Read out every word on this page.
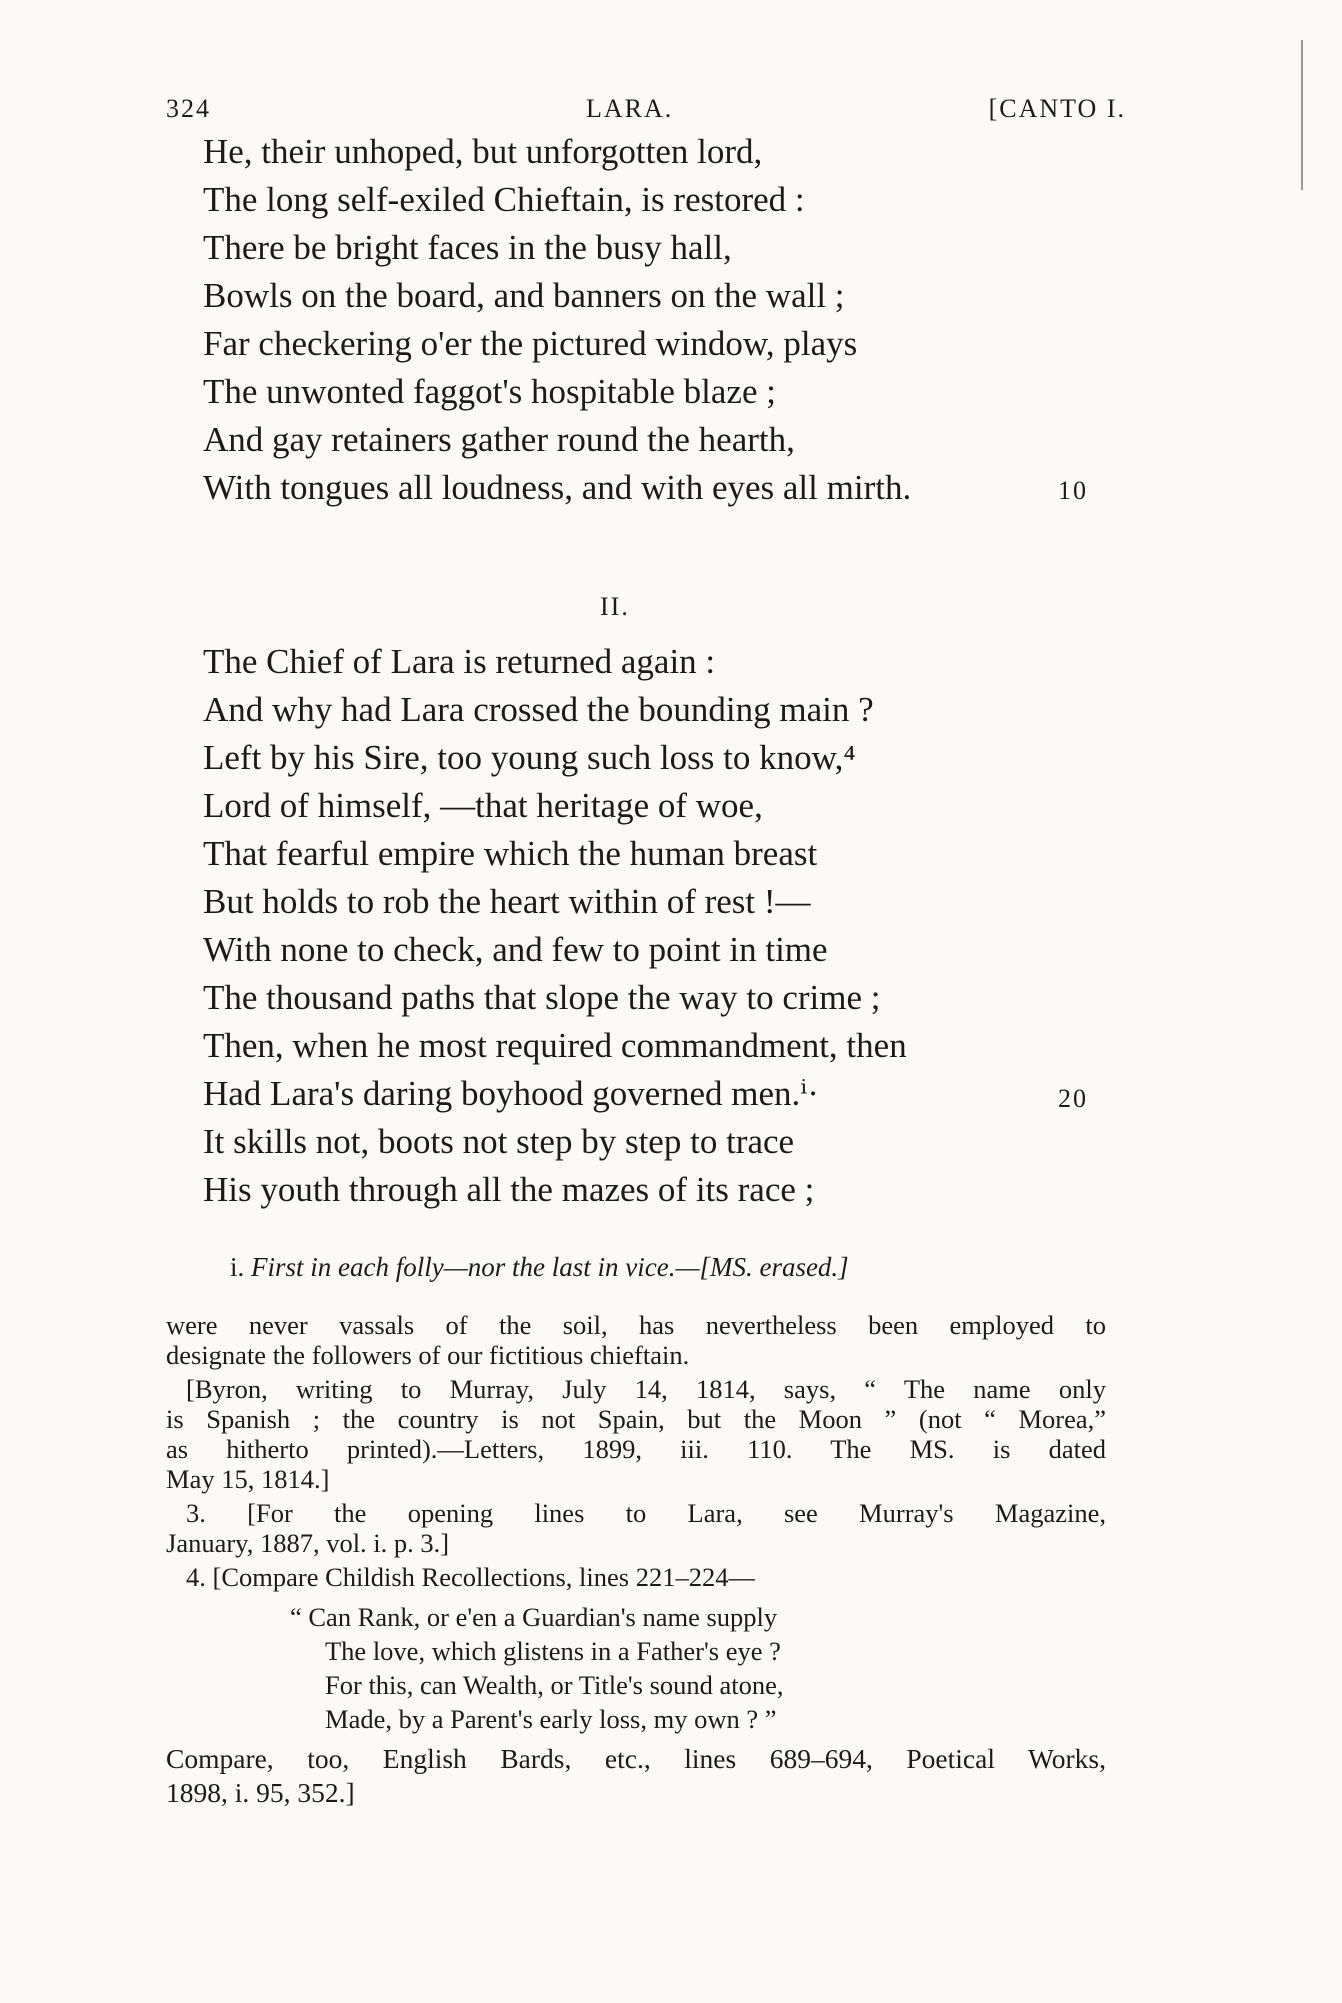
324	LARA.	[CANTO I.
He, their unhoped, but unforgotten lord,
The long self-exiled Chieftain, is restored :
There be bright faces in the busy hall,
Bowls on the board, and banners on the wall ;
Far checkering o'er the pictured window, plays
The unwonted faggot's hospitable blaze ;
And gay retainers gather round the hearth,
With tongues all loudness, and with eyes all mirth.	10
II.
The Chief of Lara is returned again :
And why had Lara crossed the bounding main ?
Left by his Sire, too young such loss to know,⁴
Lord of himself, —that heritage of woe,
That fearful empire which the human breast
But holds to rob the heart within of rest !—
With none to check, and few to point in time
The thousand paths that slope the way to crime ;
Then, when he most required commandment, then
Had Lara's daring boyhood governed men.ⁱ·	20
It skills not, boots not step by step to trace
His youth through all the mazes of its race ;
i. First in each folly—nor the last in vice.—[MS. erased.]
were never vassals of the soil, has nevertheless been employed to
designate the followers of our fictitious chieftain.
[Byron, writing to Murray, July 14, 1814, says, “ The name only
is Spanish ; the country is not Spain, but the Moon ” (not “ Morea,”
as hitherto printed).—Letters, 1899, iii. 110. The MS. is dated
May 15, 1814.]
3. [For the opening lines to Lara, see Murray's Magazine,
January, 1887, vol. i. p. 3.]
4. [Compare Childish Recollections, lines 221–224—
“ Can Rank, or e'en a Guardian's name supply
The love, which glistens in a Father's eye ?
For this, can Wealth, or Title's sound atone,
Made, by a Parent's early loss, my own ? ”
Compare, too, English Bards, etc., lines 689–694, Poetical Works,
1898, i. 95, 352.]
